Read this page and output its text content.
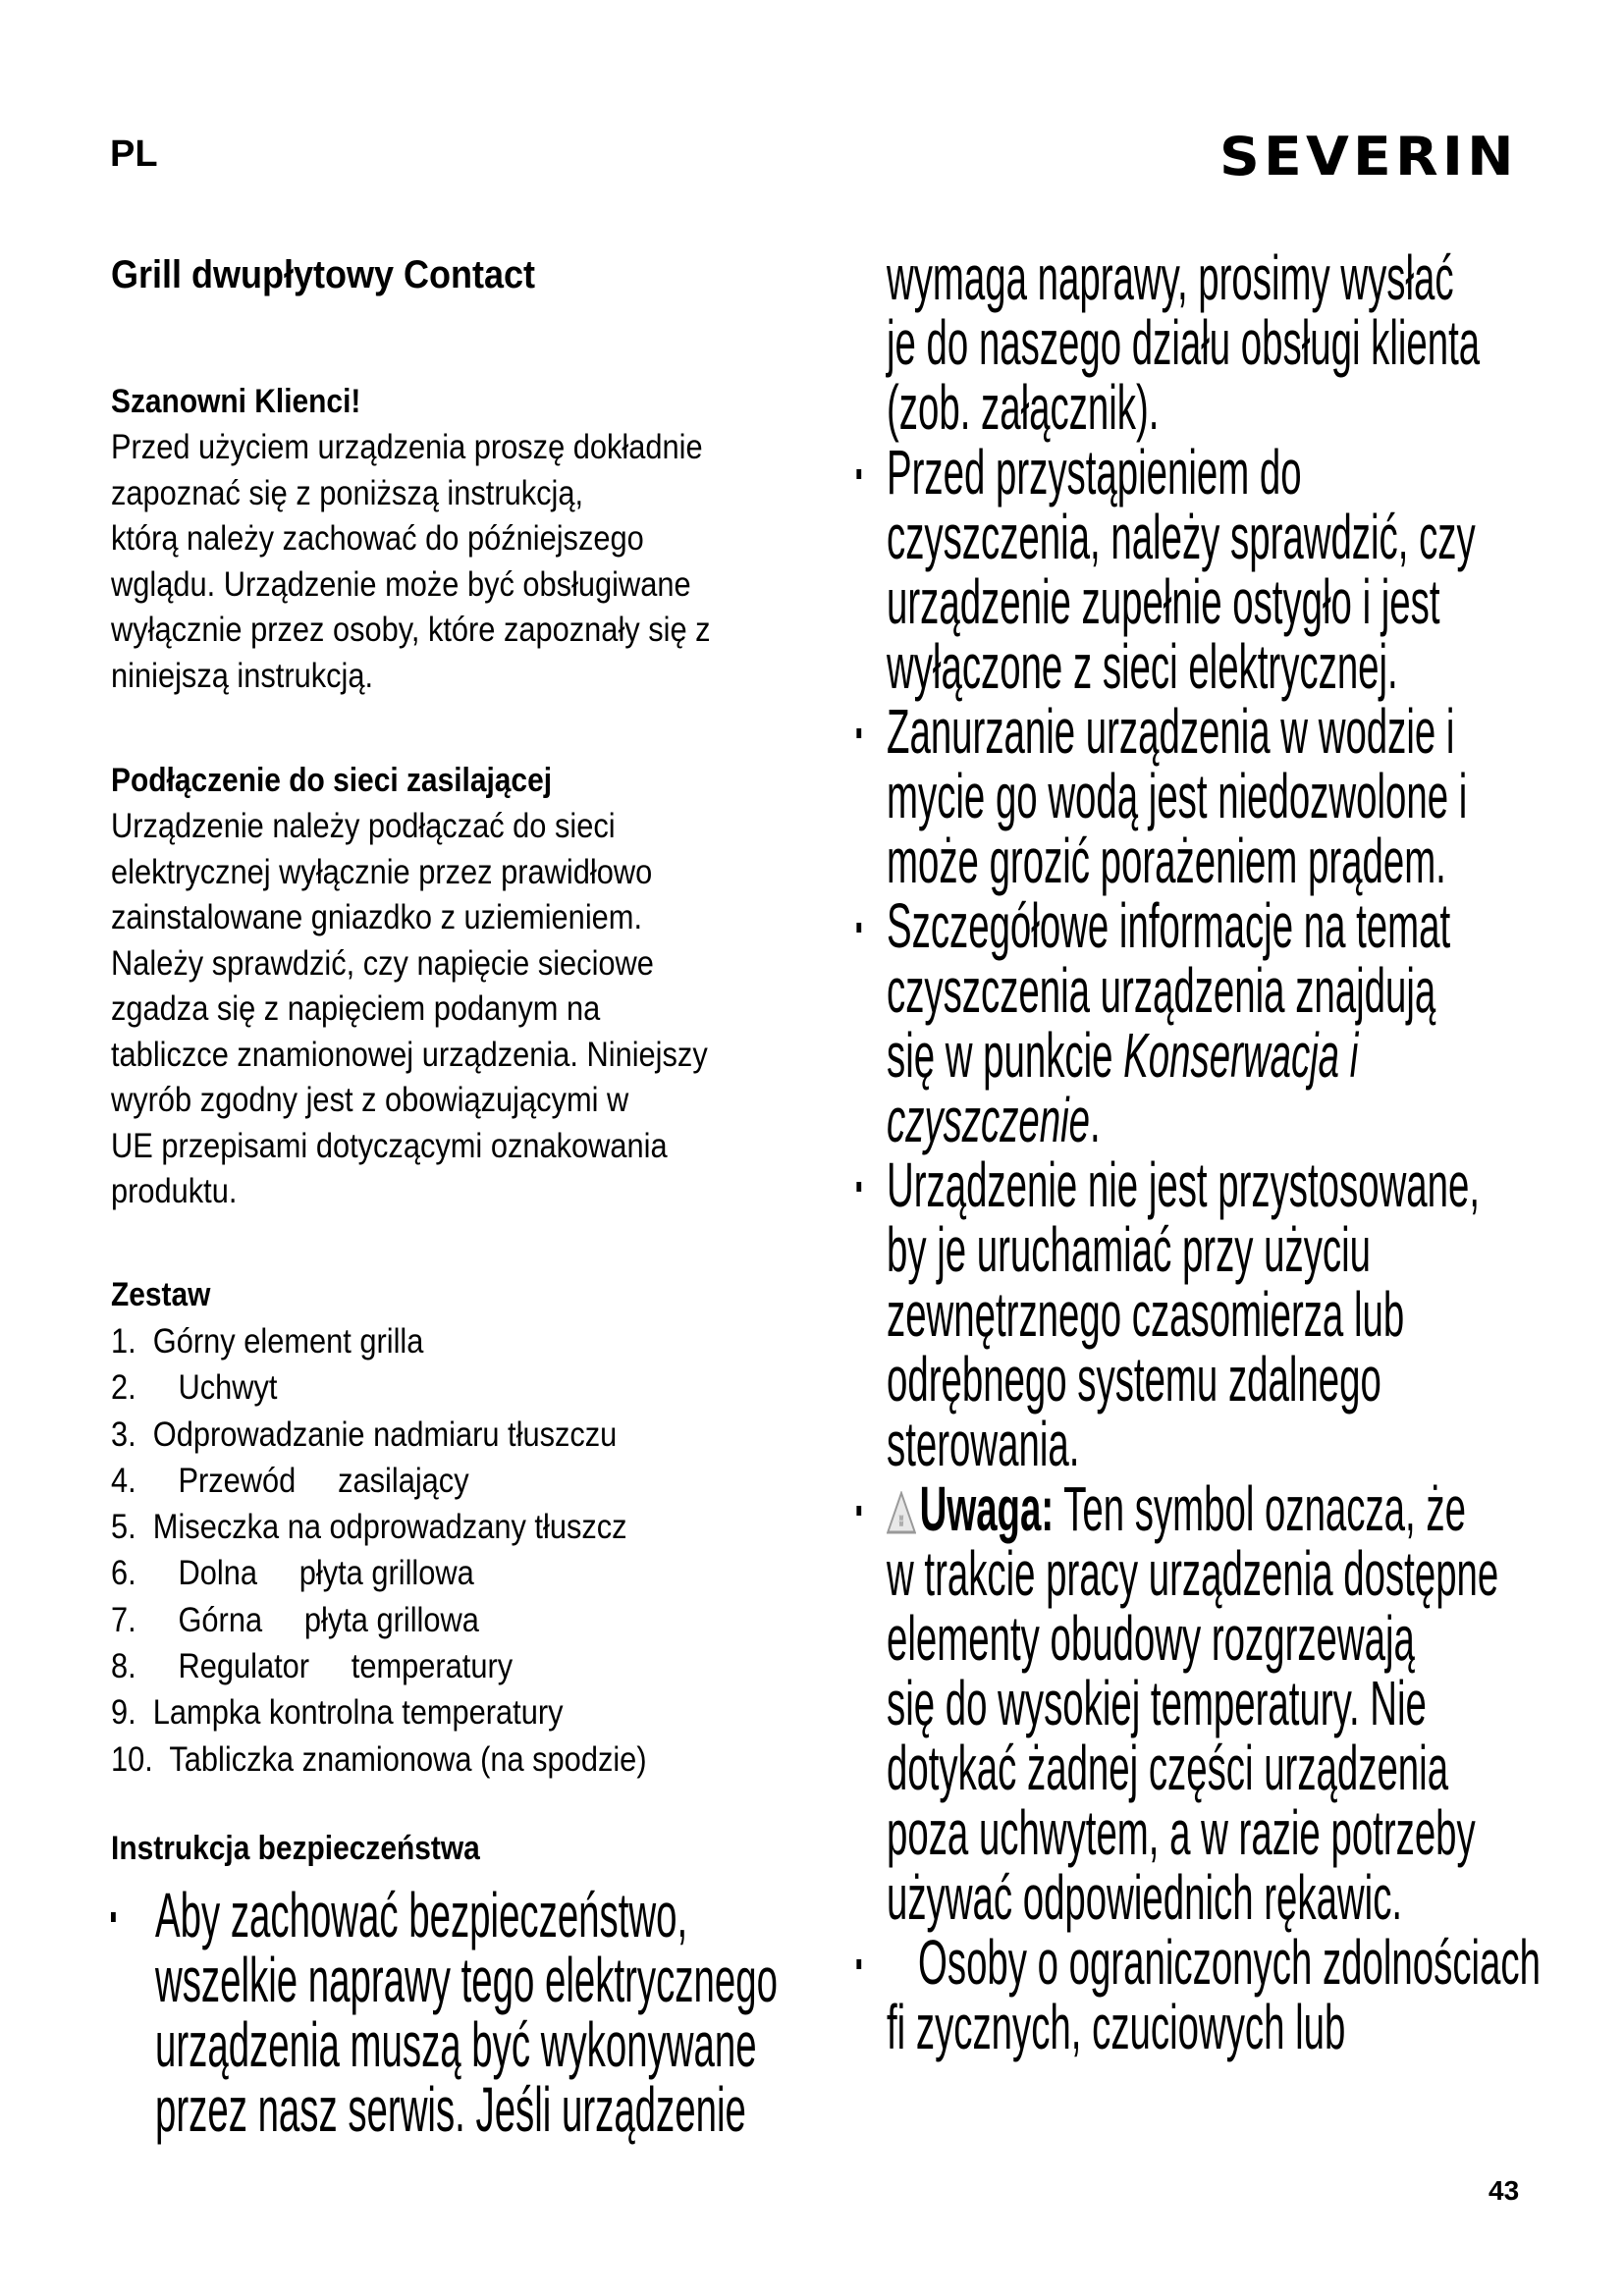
PL	SEVERIN
Grill dwupłytowy Contact
Szanowni Klienci!
Przed użyciem urządzenia proszę dokładnie
zapoznać się z poniższą instrukcją,
którą należy zachować do późniejszego
wglądu. Urządzenie może być obsługiwane
wyłącznie przez osoby, które zapoznały się z
niniejszą instrukcją.
Podłączenie do sieci zasilającej
Urządzenie należy podłączać do sieci
elektrycznej wyłącznie przez prawidłowo
zainstalowane gniazdko z uziemieniem.
Należy sprawdzić, czy napięcie sieciowe
zgadza się z napięciem podanym na
tabliczce znamionowej urządzenia. Niniejszy
wyrób zgodny jest z obowiązującymi w
UE przepisami dotyczącymi oznakowania
produktu.
Zestaw
1.  Górny element grilla
2.     Uchwyt
3.  Odprowadzanie nadmiaru tłuszczu
4.     Przewód     zasilający
5.  Miseczka na odprowadzany tłuszcz
6.     Dolna     płyta grillowa
7.     Górna     płyta grillowa
8.     Regulator     temperatury
9.  Lampka kontrolna temperatury
10.  Tabliczka znamionowa (na spodzie)
Instrukcja bezpieczeństwa
Aby zachować bezpieczeństwo,
wszelkie naprawy tego elektrycznego
urządzenia muszą być wykonywane
przez nasz serwis. Jeśli urządzenie
wymaga naprawy, prosimy wysłać
je do naszego działu obsługi klienta
(zob. załącznik).
Przed przystąpieniem do
czyszczenia, należy sprawdzić, czy
urządzenie zupełnie ostygło i jest
wyłączone z sieci elektrycznej.
Zanurzanie urządzenia w wodzie i
mycie go wodą jest niedozwolone i
może grozić porażeniem prądem.
Szczegółowe informacje na temat
czyszczenia urządzenia znajdują
się w punkcie Konserwacja i
czyszczenie.
Urządzenie nie jest przystosowane,
by je uruchamiać przy użyciu
zewnętrznego czasomierza lub
odrębnego systemu zdalnego
sterowania.
ʬ Uwaga: Ten symbol oznacza, że
w trakcie pracy urządzenia dostępne
elementy obudowy rozgrzewają
się do wysokiej temperatury. Nie
dotykać żadnej części urządzenia
poza uchwytem, a w razie potrzeby
używać odpowiednich rękawic.
Osoby o ograniczonych zdolnościach
fi zycznych, czuciowych lub
43
